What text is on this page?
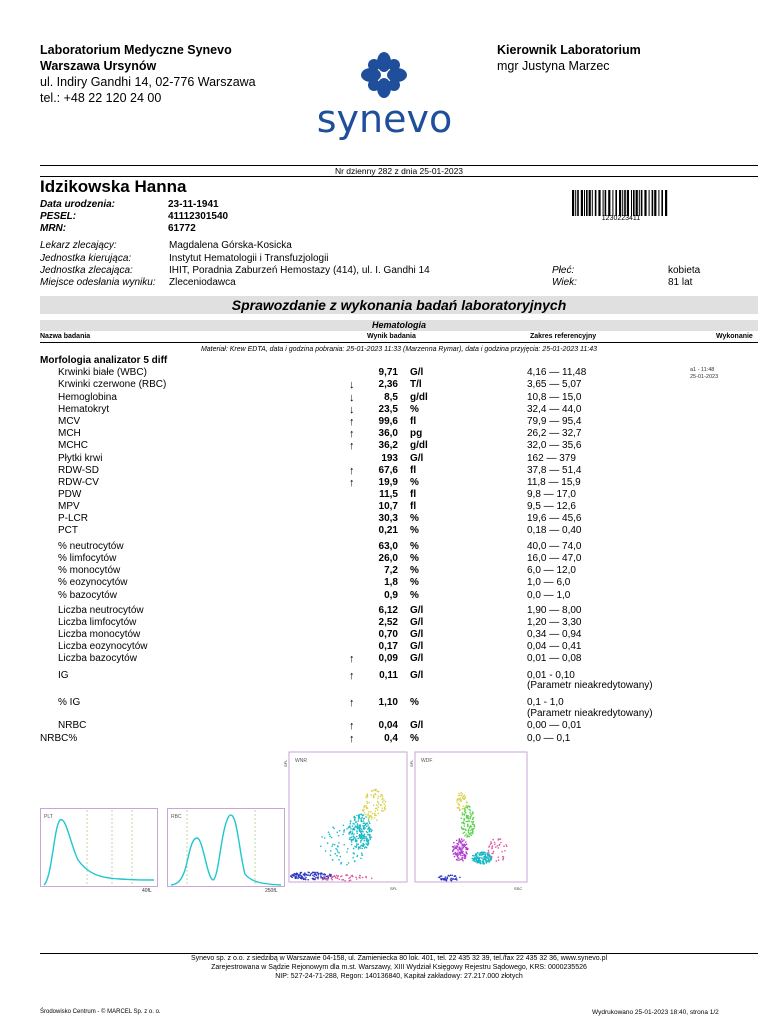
Laboratorium Medyczne Synevo
Warszawa Ursynów
ul. Indiry Gandhi 14, 02-776 Warszawa
tel.: +48 22 120 24 00
Kierownik Laboratorium
mgr Justyna Marzec
synevo
Nr dzienny 282 z dnia 25-01-2023
Idzikowska Hanna
Data urodzenia:	23-11-1941
PESEL:	41112301540
MRN:	61772
1230223411
Lekarz zlecający:	Magdalena Górska-Kosicka
Jednostka kierująca:	Instytut Hematologii i Transfuzjologii
Jednostka zlecająca:	IHIT, Poradnia Zaburzeń Hemostazy (414), ul. I. Gandhi 14
Miejsce odesłania wyniku: Zleceniodawca
Płeć:	kobieta
Wiek:	81 lat
Sprawozdanie z wykonania badań laboratoryjnych
Hematologia
Nazwa badania	Wynik badania	Zakres referencyjny	Wykonanie
Materiał: Krew EDTA, data i godzina pobrania: 25-01-2023 11:33 (Marzenna Rymar), data i godzina przyjęcia: 25-01-2023 11:43
Morfologia analizator 5 diff
a1 - 11:48
25-01-2023
Krwinki białe (WBC)	9,71 G/l	4,16 — 11,48
Krwinki czerwone (RBC)	↓	2,36 T/l	3,65 — 5,07
Hemoglobina	↓	8,5 g/dl	10,8 — 15,0
Hematokryt	↓	23,5 %	32,4 — 44,0
MCV	↑	99,6 fl	79,9 — 95,4
MCH	↑	36,0 pg	26,2 — 32,7
MCHC	↑	36,2 g/dl	32,0 — 35,6
Płytki krwi	193 G/l	162 — 379
RDW-SD	↑	67,6 fl	37,8 — 51,4
RDW-CV	↑	19,9 %	11,8 — 15,9
PDW	11,5 fl	9,8 — 17,0
MPV	10,7 fl	9,5 — 12,6
P-LCR	30,3 %	19,6 — 45,6
PCT	0,21 %	0,18 — 0,40
% neutrocytów	63,0 %	40,0 — 74,0
% limfocytów	26,0 %	16,0 — 47,0
% monocytów	7,2 %	6,0 — 12,0
% eozynocytów	1,8 %	1,0 — 6,0
% bazocytów	0,9 %	0,0 — 1,0
Liczba neutrocytów	6,12 G/l	1,90 — 8,00
Liczba limfocytów	2,52 G/l	1,20 — 3,30
Liczba monocytów	0,70 G/l	0,34 — 0,94
Liczba eozynocytów	0,17 G/l	0,04 — 0,41
Liczba bazocytów	↑	0,09 G/l	0,01 — 0,08
IG	↑	0,11 G/l	0,01 - 0,10
% IG	↑	1,10 %	0,1 - 1,0
NRBC	↑	0,04 G/l	0,00 — 0,01
NRBC%	↑	0,4 %	0,0 — 0,1
(Parametr nieakredytowany)
(Parametr nieakredytowany)
PLT
40fL
RBC
250fL
WNR
SFL
SFL
WDF
SFL
SSC
Synevo sp. z o.o. z siedzibą w Warszawie 04-158, ul. Zamieniecka 80 lok. 401, tel. 22 435 32 39, tel./fax 22 435 32 36, www.synevo.pl
Zarejestrowana w Sądzie Rejonowym dla m.st. Warszawy, XIII Wydział Księgowy Rejestru Sądowego, KRS: 0000235526
NIP: 527-24-71-288, Regon: 140136840, Kapitał zakładowy: 27.217.000 złotych
Środowisko Centrum - © MARCEL Sp. z o. o.	Wydrukowano 25-01-2023 18:40, strona 1/2
